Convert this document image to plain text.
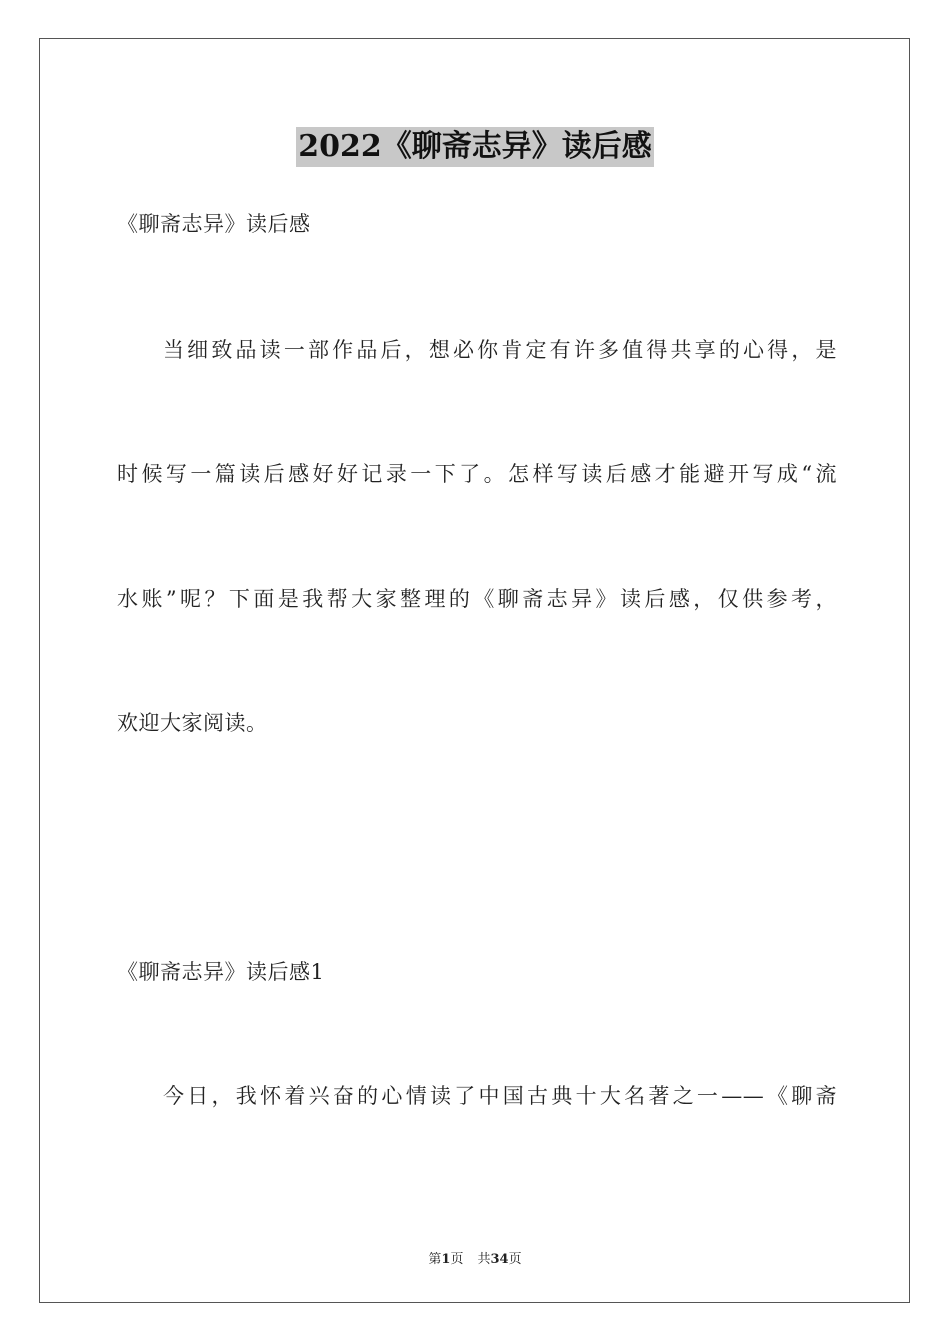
2022《聊斋志异》读后感
《聊斋志异》读后感
当细致品读一部作品后，想必你肯定有许多值得共享的心得，是
时候写一篇读后感好好记录一下了。怎样写读后感才能避开写成“流
水账”呢？下面是我帮大家整理的《聊斋志异》读后感，仅供参考，
欢迎大家阅读。
《聊斋志异》读后感1
今日，我怀着兴奋的心情读了中国古典十大名著之一——《聊斋
第1页 共34页
